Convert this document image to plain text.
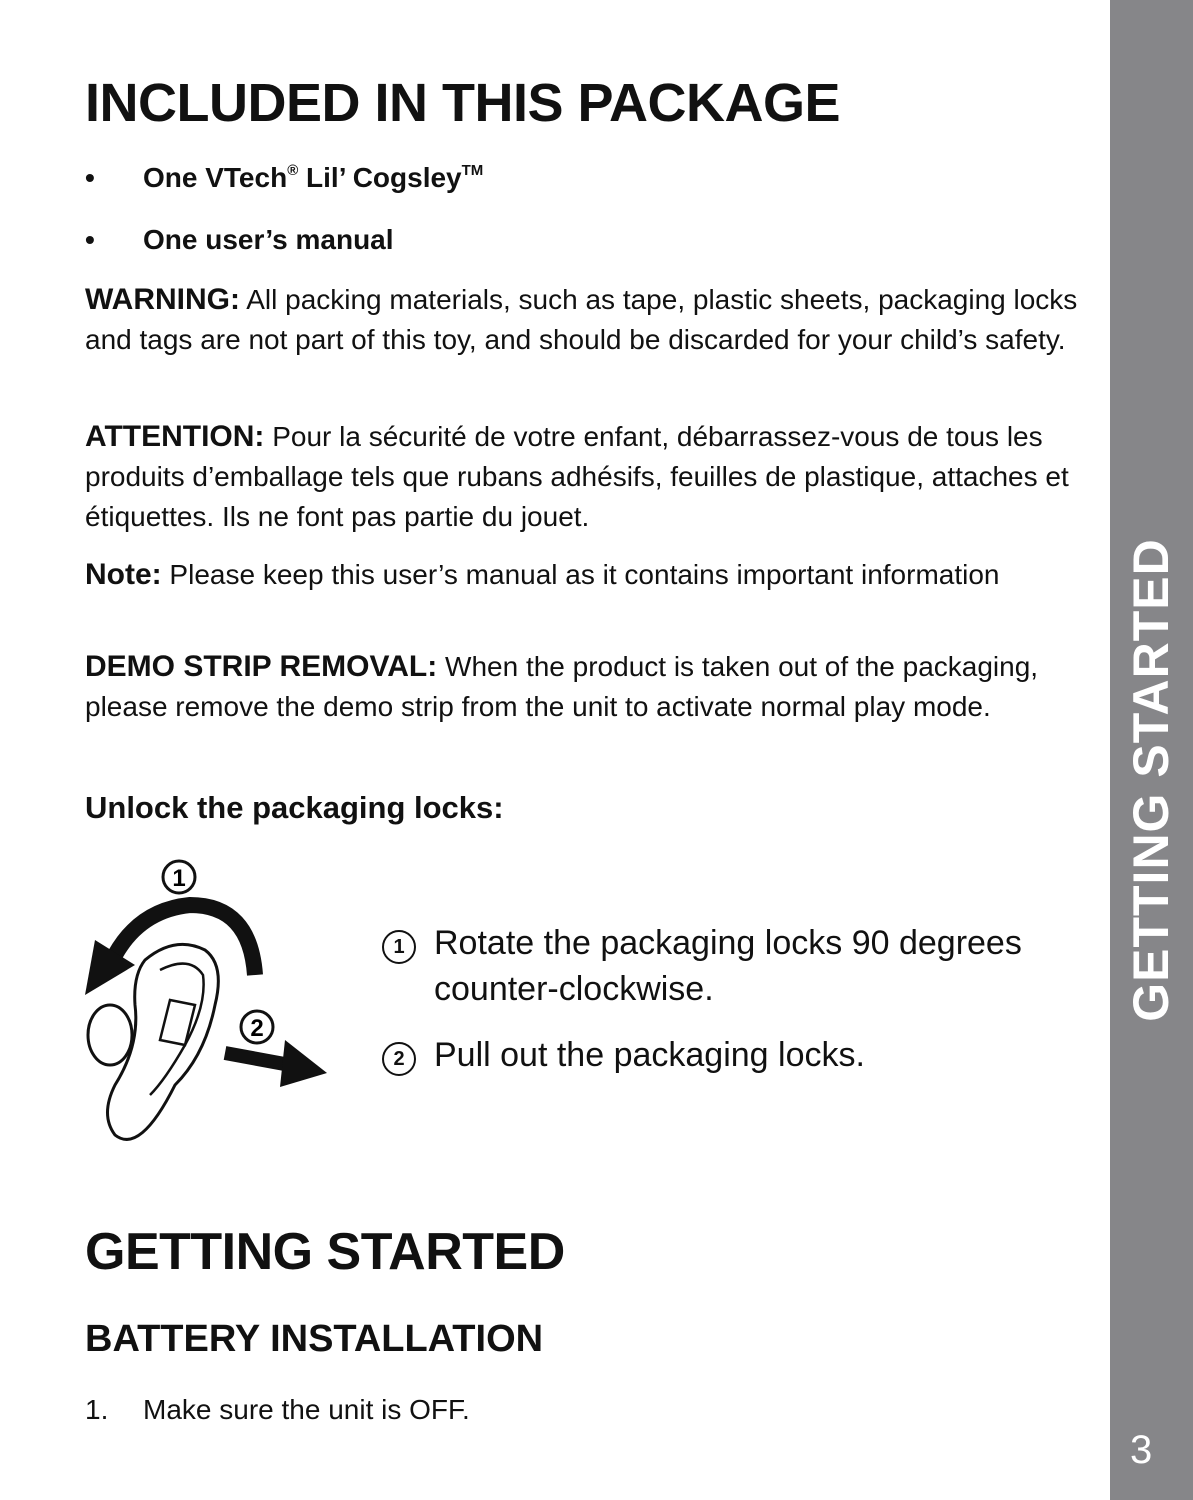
GETTING STARTED
3
INCLUDED IN THIS PACKAGE
• One VTech® Lil’ Cogsley™
• One user’s manual

WARNING: All packing materials, such as tape, plastic sheets, packaging locks and tags are not part of this toy, and should be discarded for your child’s safety.

ATTENTION: Pour la sécurité de votre enfant, débarrassez-vous de tous les produits d’emballage tels que rubans adhésifs, feuilles de plastique, attaches et étiquettes. Ils ne font pas partie du jouet.

Note: Please keep this user’s manual as it contains important information

DEMO STRIP REMOVAL: When the product is taken out of the packaging, please remove the demo strip from the unit to activate normal play mode.

Unlock the packaging locks:
1
2
1 Rotate the packaging locks 90 degrees counter-clockwise.
2 Pull out the packaging locks.
GETTING STARTED
BATTERY INSTALLATION
1. Make sure the unit is OFF.
